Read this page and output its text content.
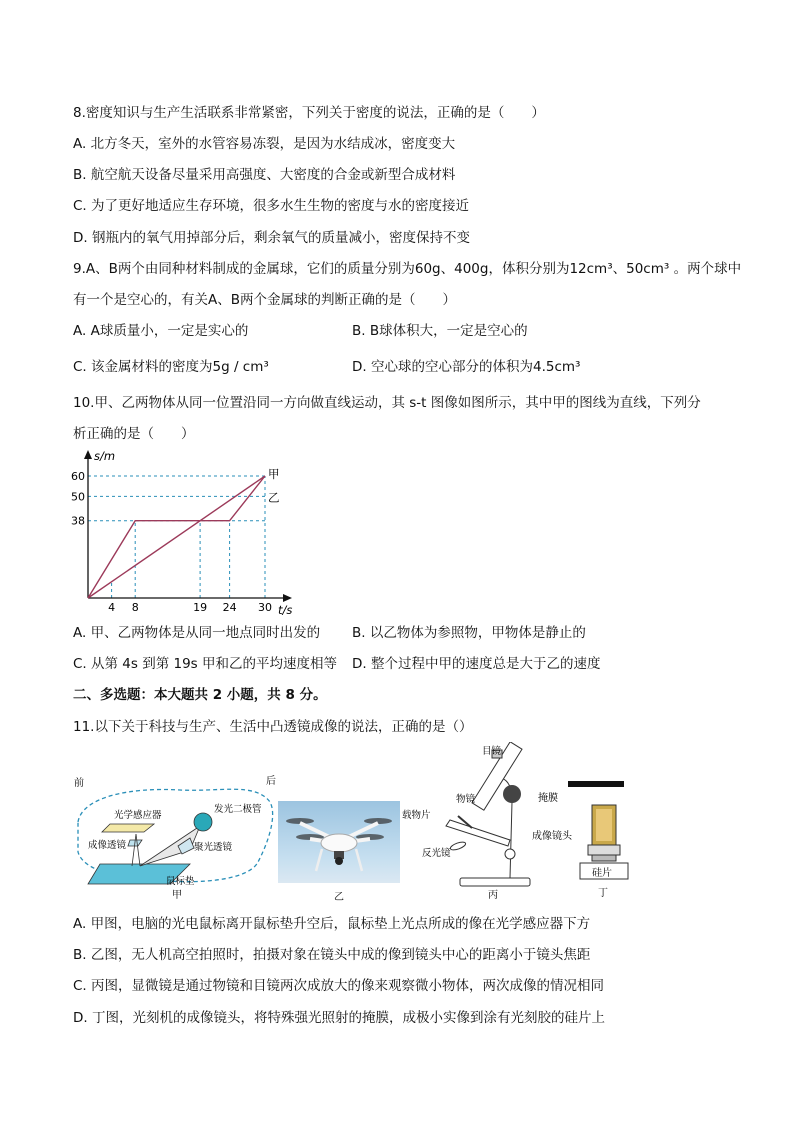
8.密度知识与生产生活联系非常紧密，下列关于密度的说法，正确的是（　　）
A. 北方冬天，室外的水管容易冻裂，是因为水结成冰，密度变大
B. 航空航天设备尽量采用高强度、大密度的合金或新型合成材料
C. 为了更好地适应生存环境，很多水生生物的密度与水的密度接近
D. 钢瓶内的氧气用掉部分后，剩余氧气的质量减小，密度保持不变
9.A、B两个由同种材料制成的金属球，它们的质量分别为60g、400g，体积分别为12cm³、50cm³ 。两个球中
有一个是空心的，有关A、B两个金属球的判断正确的是（　　）
A. A球质量小，一定是实心的	B. B球体积大，一定是空心的
C. 该金属材料的密度为5g / cm³	D. 空心球的空心部分的体积为4.5cm³
10.甲、乙两物体从同一位置沿同一方向做直线运动，其 s-t 图像如图所示，其中甲的图线为直线，下列分
析正确的是（　　）
s/m
t/s
38
50
60
4 8	19 24 30
甲
乙
A. 甲、乙两物体是从同一地点同时出发的 B. 以乙物体为参照物，甲物体是静止的
C. 从第 4s 到第 19s 甲和乙的平均速度相等 D. 整个过程中甲的速度总是大于乙的速度
二、多选题：本大题共 2 小题，共 8 分。
11.以下关于科技与生产、生活中凸透镜成像的说法，正确的是（）
前	后
光学感应器
发光二极管
成像透镜	聚光透镜
鼠标垫
甲	乙
目镜
物镜
载物片
反光镜
丙
掩膜
成像镜头
硅片
丁
A. 甲图，电脑的光电鼠标离开鼠标垫升空后，鼠标垫上光点所成的像在光学感应器下方
B. 乙图，无人机高空拍照时，拍摄对象在镜头中成的像到镜头中心的距离小于镜头焦距
C. 丙图，显微镜是通过物镜和目镜两次成放大的像来观察微小物体，两次成像的情况相同
D. 丁图，光刻机的成像镜头，将特殊强光照射的掩膜，成极小实像到涂有光刻胶的硅片上
